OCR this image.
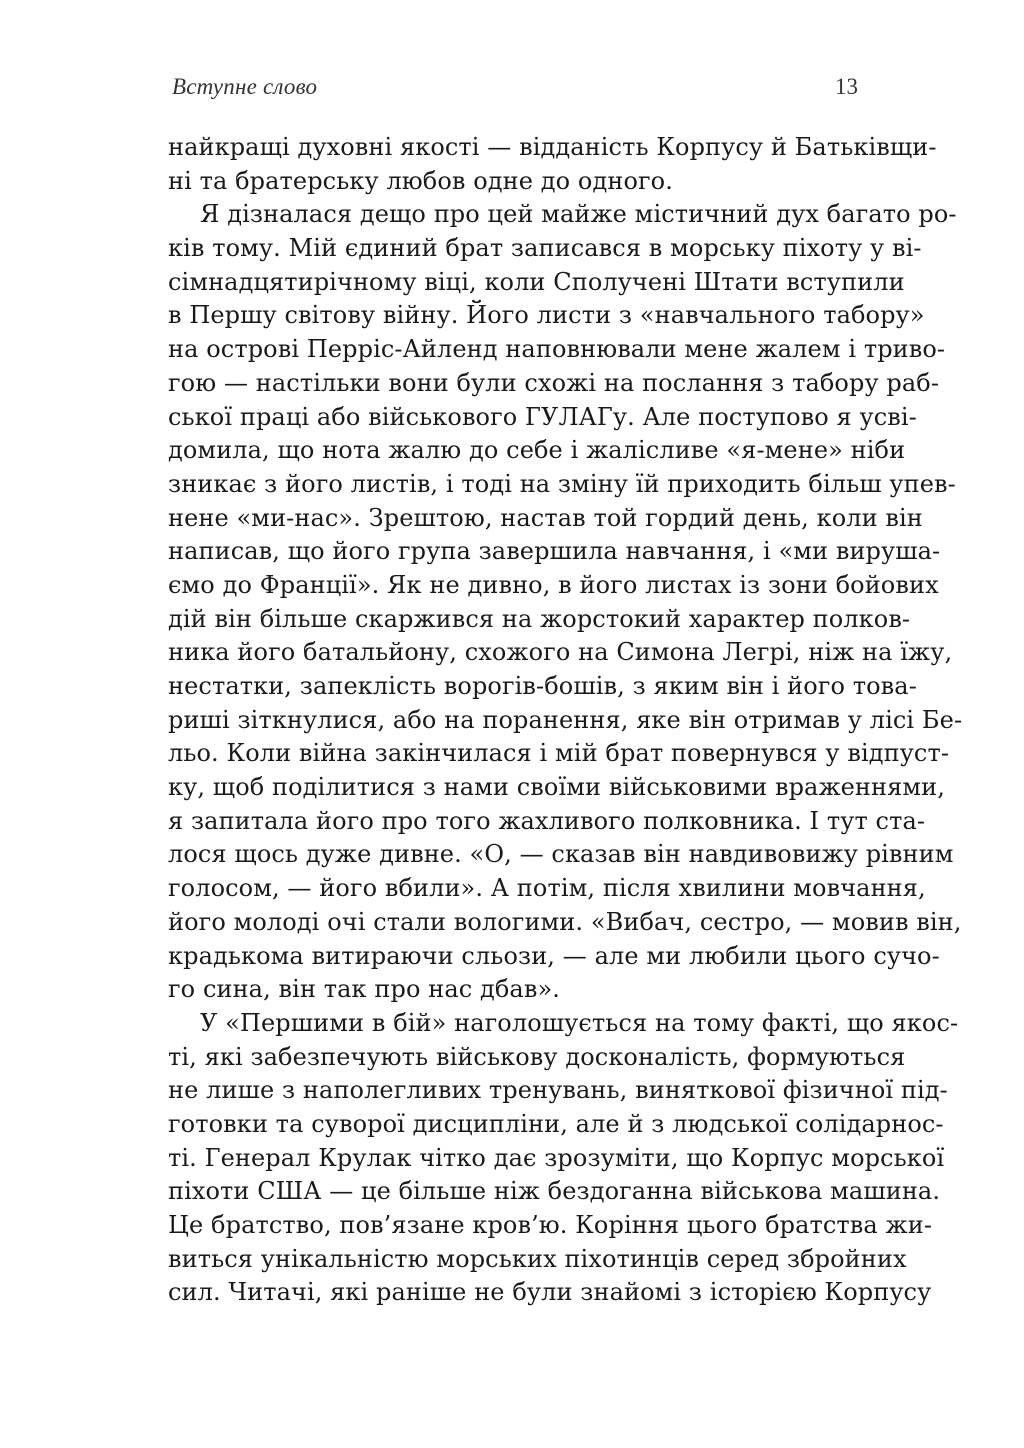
Вступне слово	13
найкращі духовні якості — відданість Корпусу й Батьківщи-
ні та братерську любов одне до одного.
Я дізналася дещо про цей майже містичний дух багато ро-
ків тому. Мій єдиний брат записався в морську піхоту у ві-
сімнадцятирічному віці, коли Сполучені Штати вступили
в Першу світову війну. Його листи з «навчального табору»
на острові Перріс-Айленд наповнювали мене жалем і триво-
гою — настільки вони були схожі на послання з табору раб-
ської праці або військового ГУЛАГу. Але поступово я усві-
домила, що нота жалю до себе і жалісливе «я-мене» ніби
зникає з його листів, і тоді на зміну їй приходить більш упев-
нене «ми-нас». Зрештою, настав той гордий день, коли він
написав, що його група завершила навчання, і «ми вируша-
ємо до Франції». Як не дивно, в його листах із зони бойових
дій він більше скаржився на жорстокий характер полков-
ника його батальйону, схожого на Симона Легрі, ніж на їжу,
нестатки, запеклість ворогів-бошів, з яким він і його това-
риші зіткнулися, або на поранення, яке він отримав у лісі Бе-
льо. Коли війна закінчилася і мій брат повернувся у відпуст-
ку, щоб поділитися з нами своїми військовими враженнями,
я запитала його про того жахливого полковника. І тут ста-
лося щось дуже дивне. «О, — сказав він навдивовижу рівним
голосом, — його вбили». А потім, після хвилини мовчання,
його молоді очі стали вологими. «Вибач, сестро, — мовив він,
крадькома витираючи сльози, — але ми любили цього сучо-
го сина, він так про нас дбав».
У «Першими в бій» наголошується на тому факті, що якос-
ті, які забезпечують військову досконалість, формуються
не лише з наполегливих тренувань, виняткової фізичної під-
готовки та суворої дисципліни, але й з людської солідарнос-
ті. Генерал Крулак чітко дає зрозуміти, що Корпус морської
піхоти США — це більше ніж бездоганна військова машина.
Це братство, пов’язане кров’ю. Коріння цього братства жи-
виться унікальністю морських піхотинців серед збройних
сил. Читачі, які раніше не були знайомі з історією Корпусу
